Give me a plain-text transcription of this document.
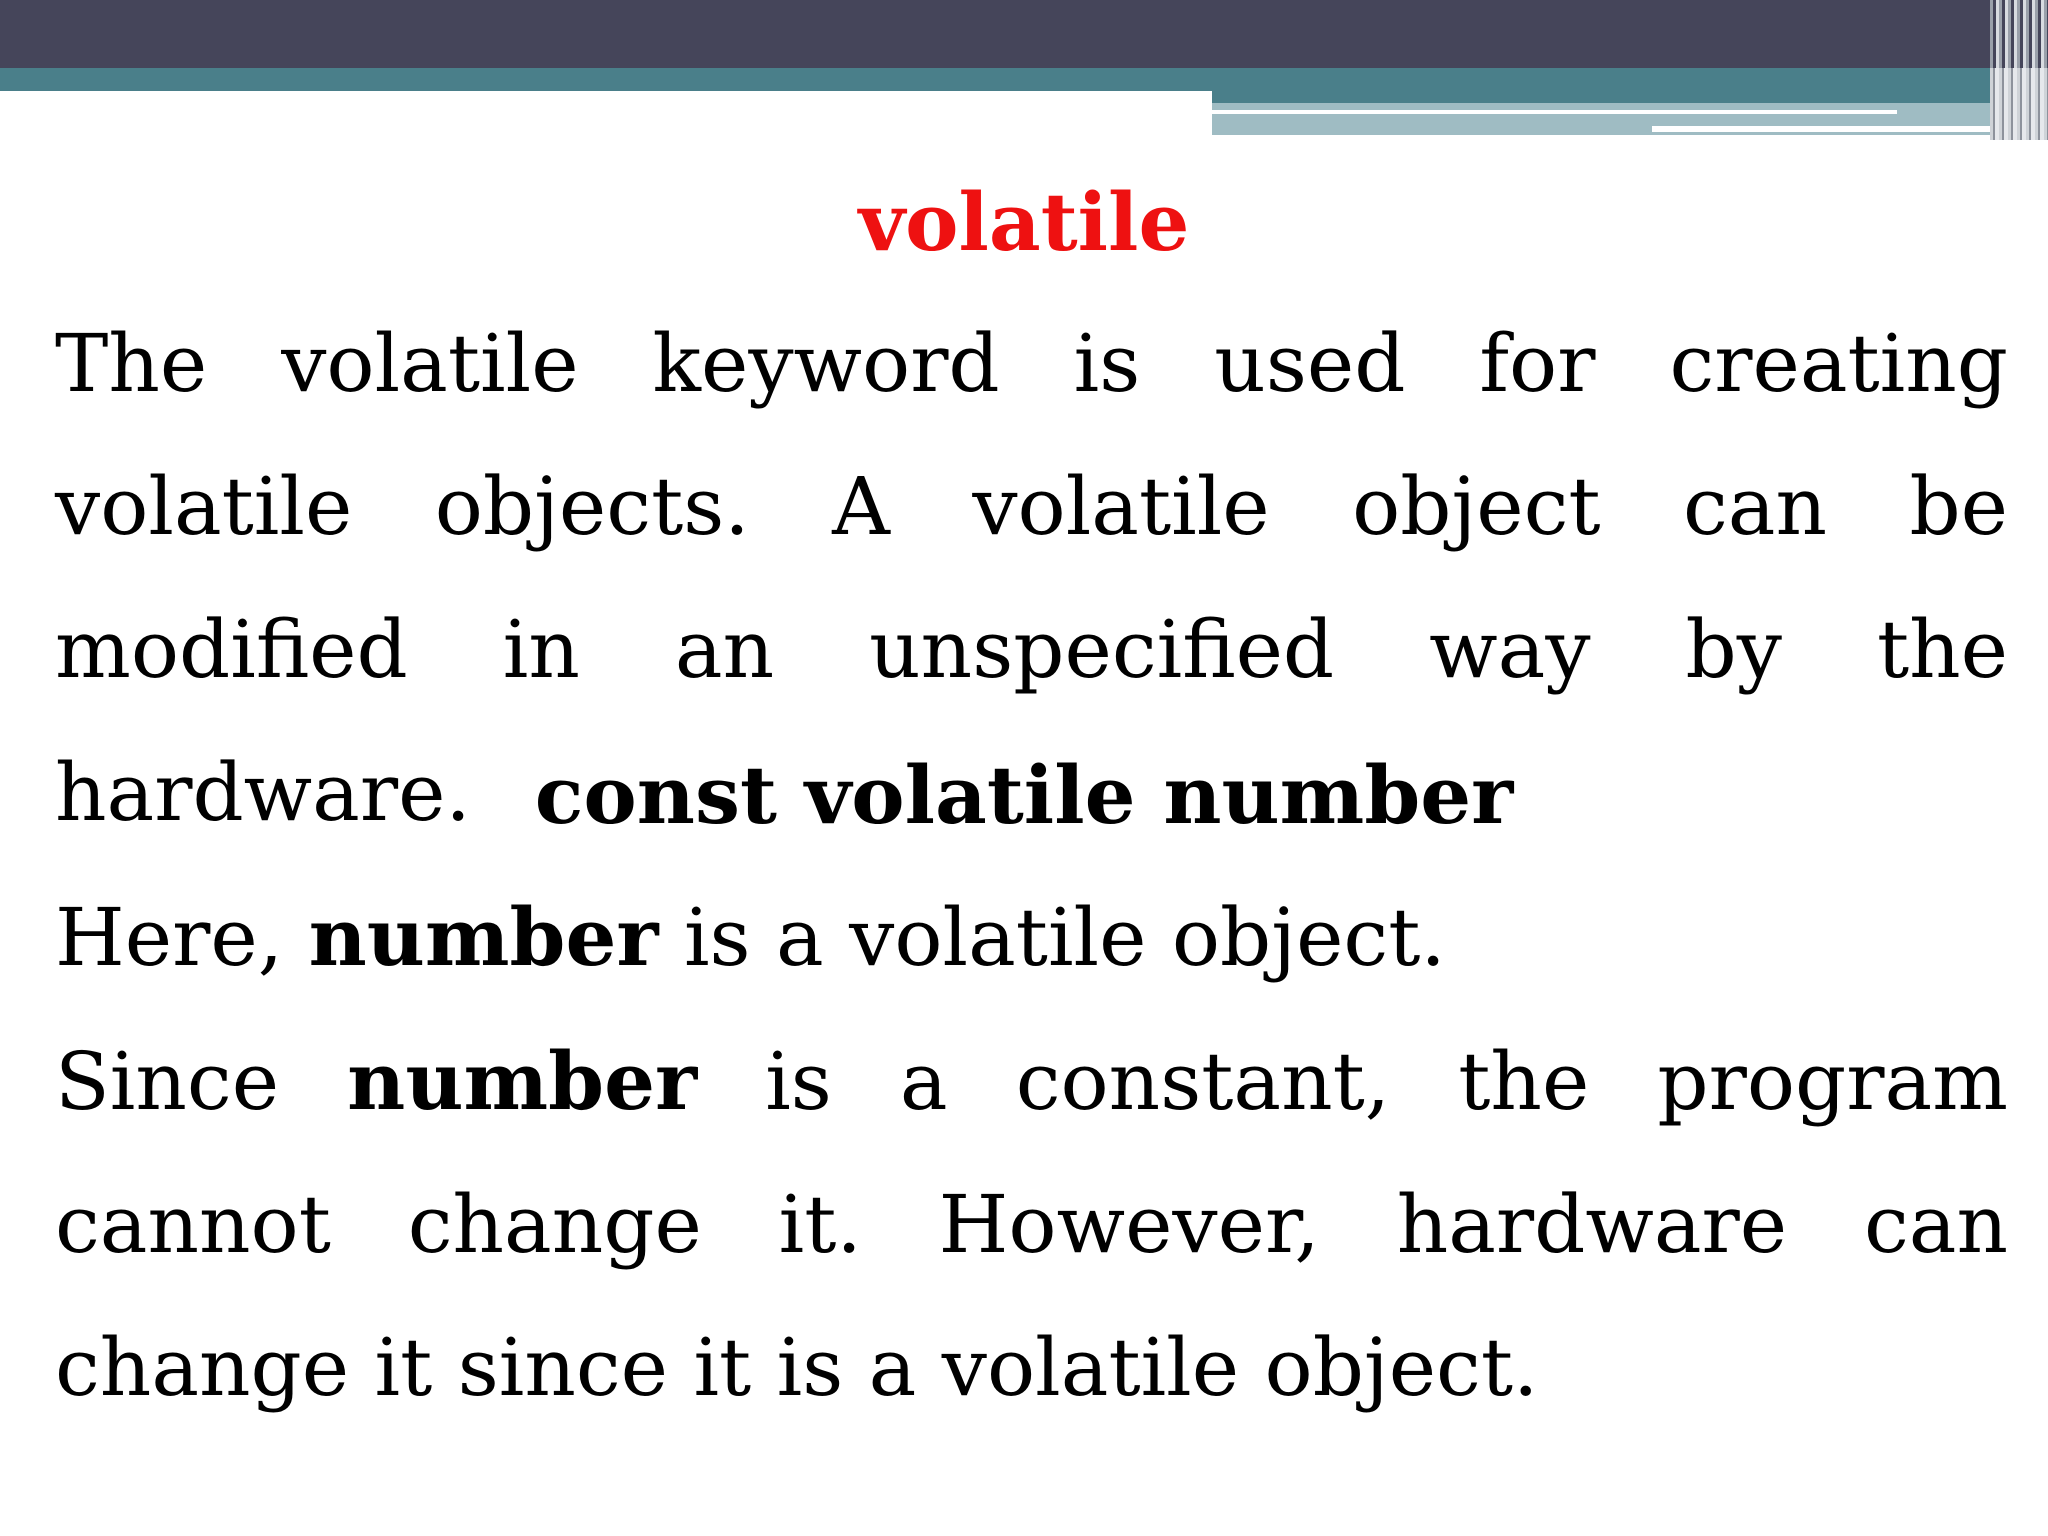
volatile
The volatile keyword is used for creating volatile objects. A volatile object can be modified in an unspecified way by the hardware. const volatile number
Here, number is a volatile object.
Since number is a constant, the program cannot change it. However, hardware can change it since it is a volatile object.
